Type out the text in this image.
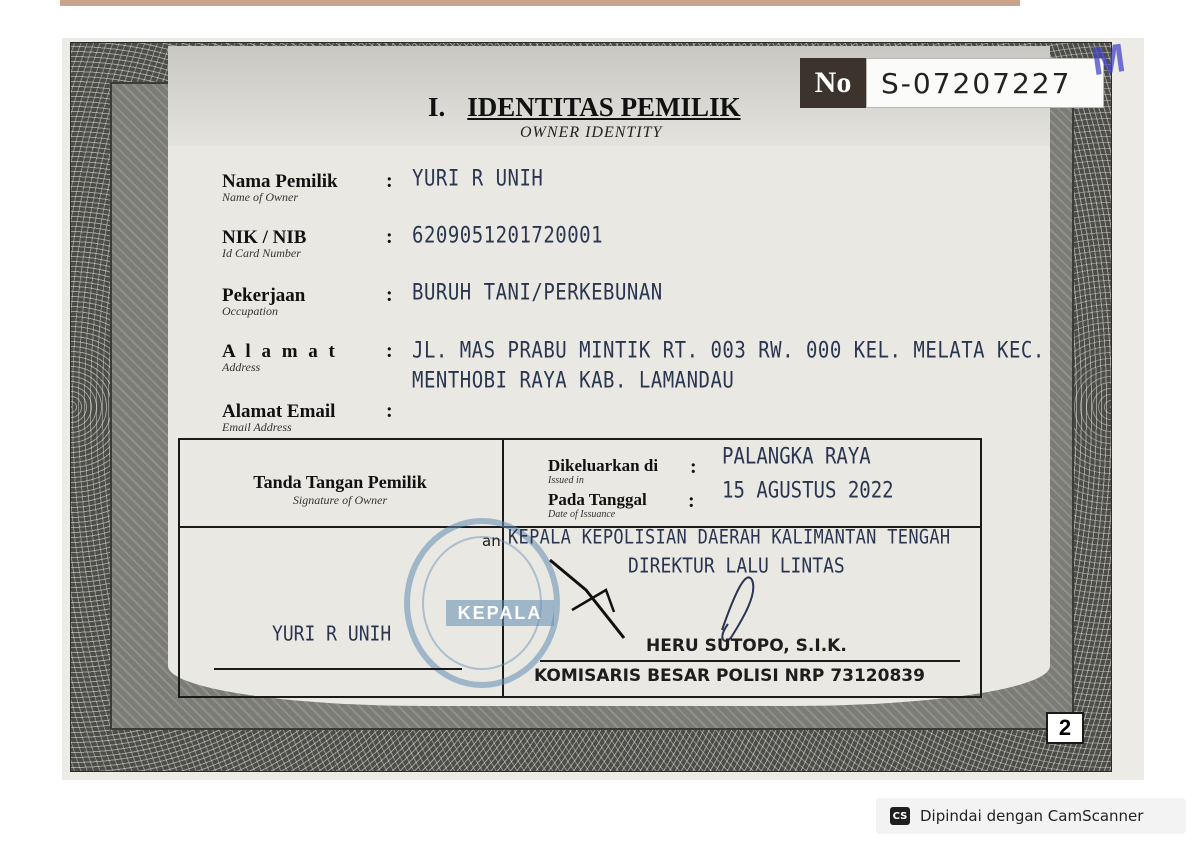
No	S-07207227 M
I. IDENTITAS PEMILIK
OWNER IDENTITY
Nama Pemilik
Name of Owner
: YURI R UNIH
NIK / NIB
Id Card Number
: 6209051201720001
Pekerjaan
Occupation
: BURUH TANI/PERKEBUNAN
A l a m a t
Address
: JL. MAS PRABU MINTIK RT. 003 RW. 000 KEL. MELATA KEC.
MENTHOBI RAYA KAB. LAMANDAU
Alamat Email
Email Address
:
Tanda Tangan Pemilik
Signature of Owner
Dikeluarkan di
Issued in
: PALANGKA RAYA
Pada Tanggal
Date of Issuance
: 15 AGUSTUS 2022
KEPALA
an. KEPALA KEPOLISIAN DAERAH KALIMANTAN TENGAH
DIREKTUR LALU LINTAS
HERU SUTOPO, S.I.K.
KOMISARIS BESAR POLISI NRP 73120839
YURI R UNIH
2
CS Dipindai dengan CamScanner
